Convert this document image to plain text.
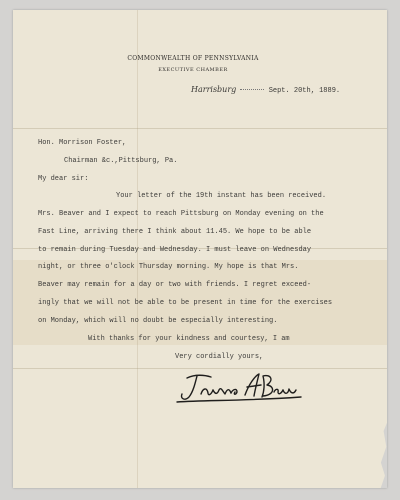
COMMONWEALTH OF PENNSYLVANIA
EXECUTIVE CHAMBER
Harrisburg	Sept. 20th, 1889.
Hon. Morrison Foster,
Chairman &c.,Pittsburg, Pa.
My dear sir:
Your letter of the 19th instant has been received.
Mrs. Beaver and I expect to reach Pittsburg on Monday evening on the
Fast Line, arriving there I think about 11.45. We hope to be able
to remain during Tuesday and Wednesday. I must leave on Wednesday
night, or three o'clock Thursday morning. My hope is that Mrs.
Beaver may remain for a day or two with friends. I regret exceed-
ingly that we will not be able to be present in time for the exercises
on Monday, which will no doubt be especially interesting.
With thanks for your kindness and courtesy, I am
Very cordially yours,
